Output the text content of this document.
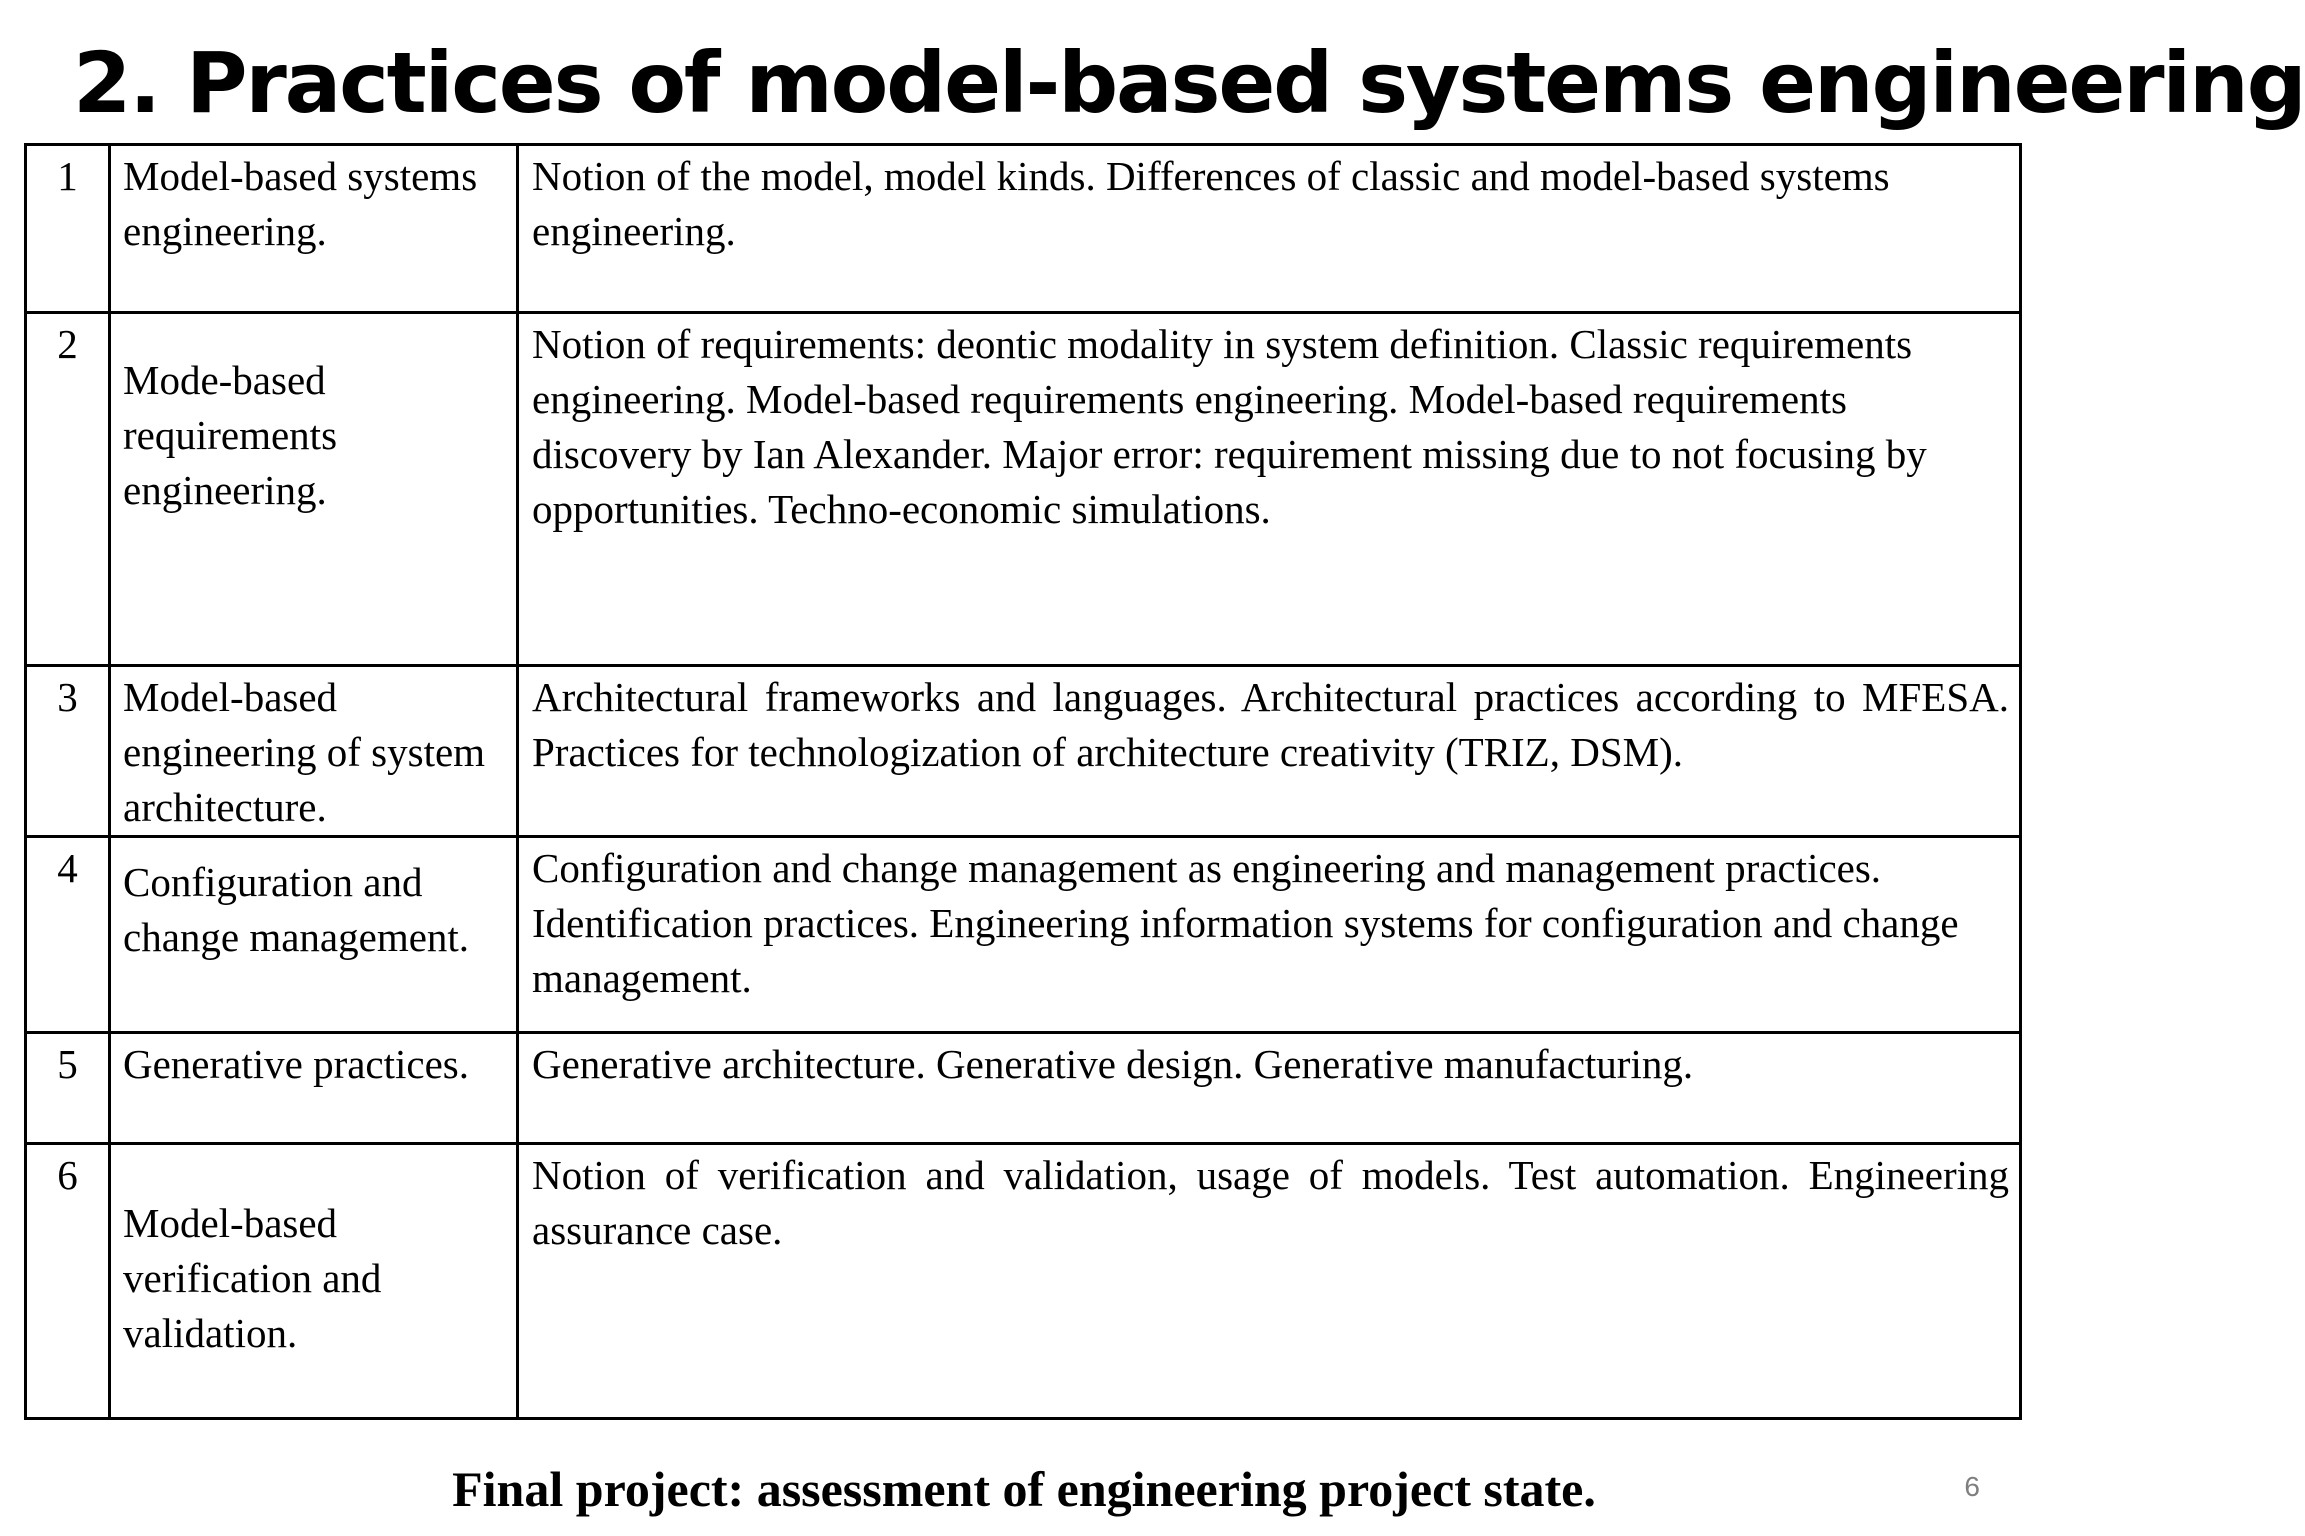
2. Practices of model-based systems engineering
1	Model-based systems engineering.	Notion of the model, model kinds. Differences of classic and model-based systems engineering.
2	Mode-based requirements engineering.	Notion of requirements: deontic modality in system definition. Classic requirements engineering. Model-based requirements engineering. Model-based requirements discovery by Ian Alexander. Major error: requirement missing due to not focusing by opportunities. Techno-economic simulations.
3	Model-based engineering of system architecture.	Architectural frameworks and languages. Architectural practices according to MFESA. Practices for technologization of architecture creativity (TRIZ, DSM).
4	Configuration and change management.	Configuration and change management as engineering and management practices. Identification practices. Engineering information systems for configuration and change management.
5	Generative practices.	Generative architecture. Generative design. Generative manufacturing.
6	Model-based verification and validation.	Notion of verification and validation, usage of models. Test automation. Engineering assurance case.
Final project: assessment of engineering project state.	6
